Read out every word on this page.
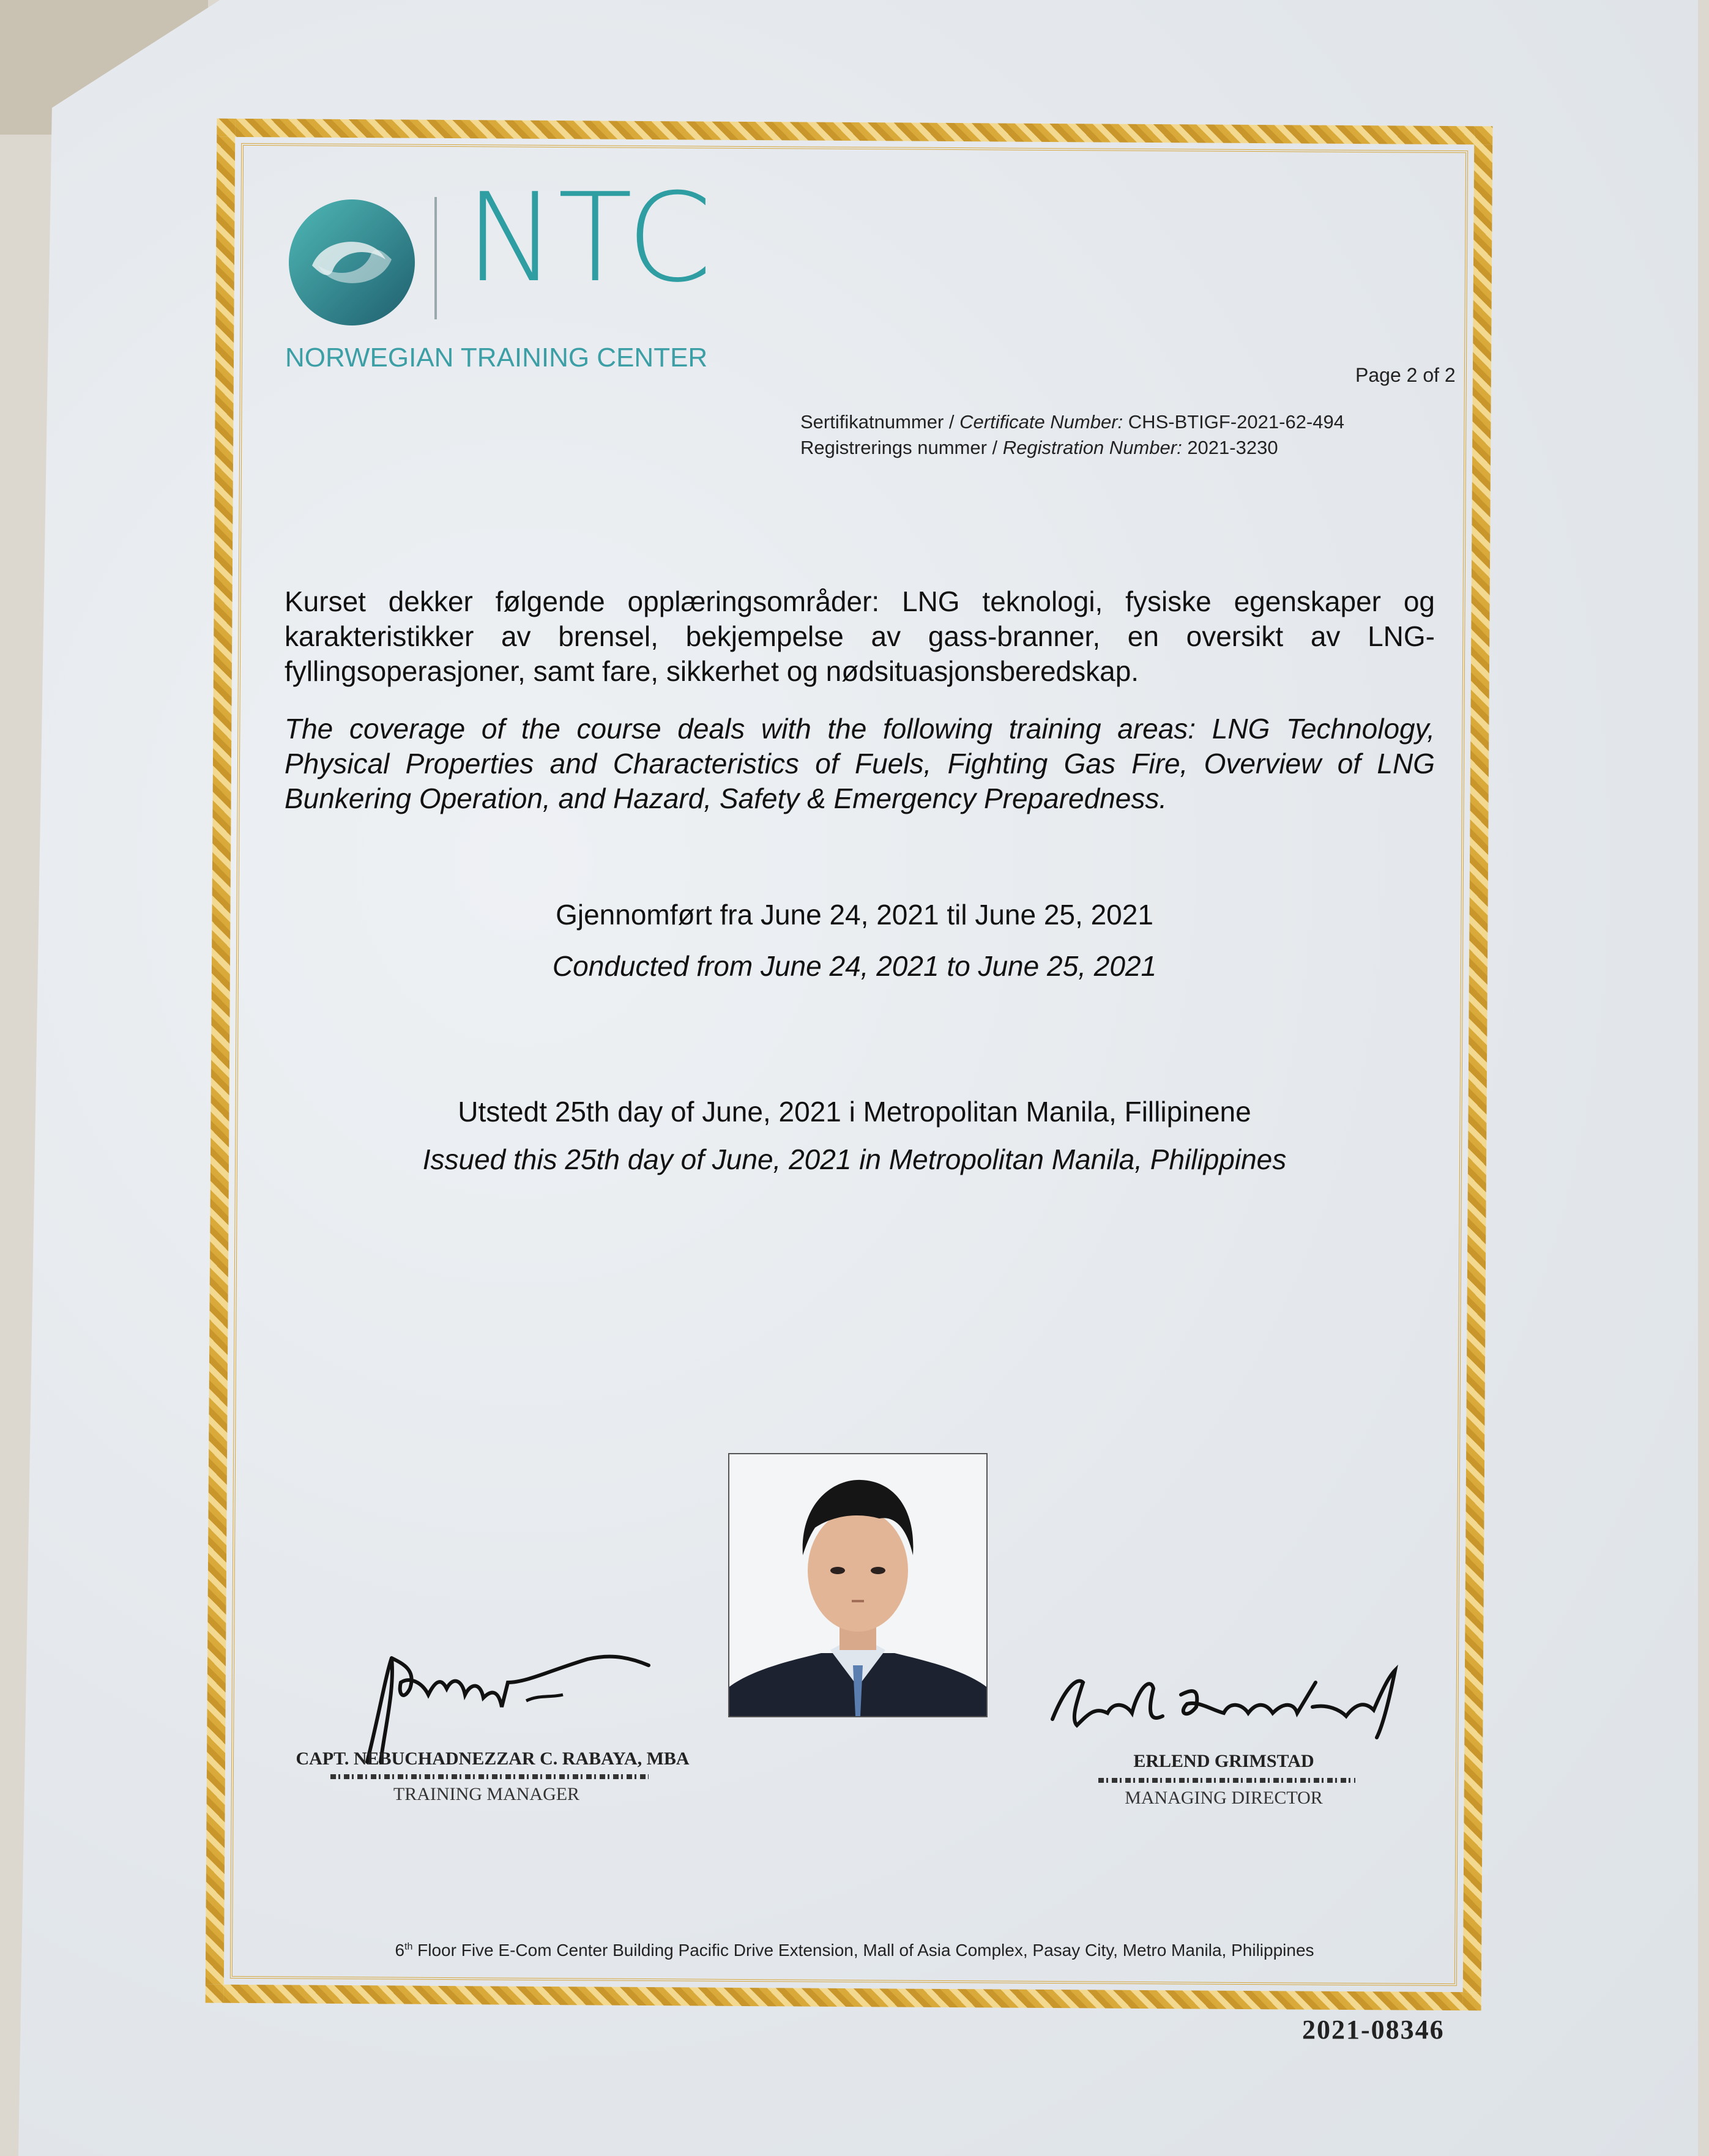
NTC
NORWEGIAN TRAINING CENTER
Page 2 of 2
Sertifikatnummer / Certificate Number: CHS-BTIGF-2021-62-494
Registrerings nummer / Registration Number: 2021-3230
Kurset dekker følgende opplæringsområder: LNG teknologi, fysiske egenskaper og karakteristikker av brensel, bekjempelse av gass-branner, en oversikt av LNG-fyllingsoperasjoner, samt fare, sikkerhet og nødsituasjonsberedskap.
The coverage of the course deals with the following training areas: LNG Technology, Physical Properties and Characteristics of Fuels, Fighting Gas Fire, Overview of LNG Bunkering Operation, and Hazard, Safety & Emergency Preparedness.
Gjennomført fra June 24, 2021 til June 25, 2021
Conducted from June 24, 2021 to June 25, 2021
Utstedt 25th day of June, 2021 i Metropolitan Manila, Fillipinene
Issued this 25th day of June, 2021 in Metropolitan Manila, Philippines
CAPT. NEBUCHADNEZZAR C. RABAYA, MBA
TRAINING MANAGER
ERLEND GRIMSTAD
MANAGING DIRECTOR
6th Floor Five E-Com Center Building Pacific Drive Extension, Mall of Asia Complex, Pasay City, Metro Manila, Philippines
2021-08346
